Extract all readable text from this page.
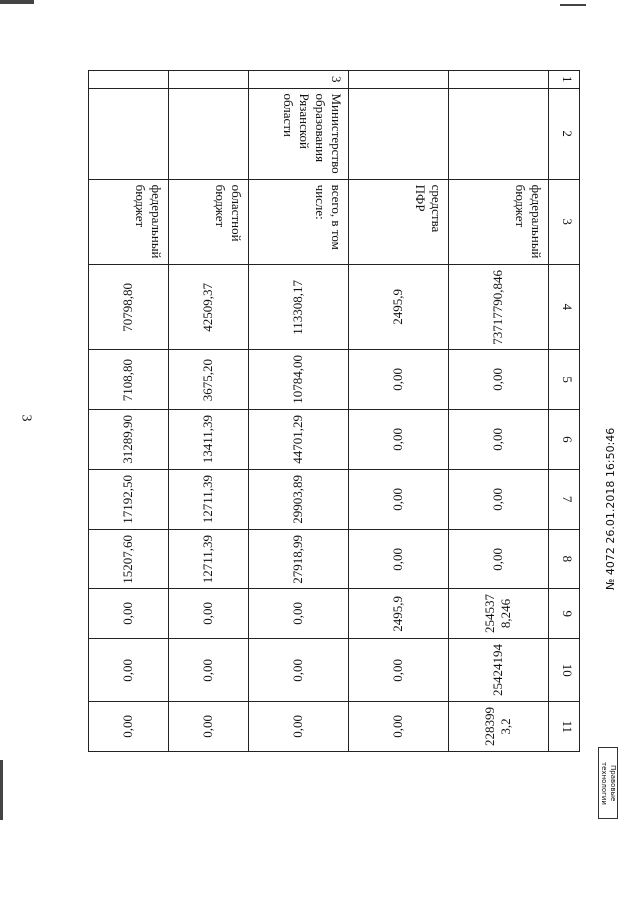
3
1	2	3	4	5	6	7	8	9	10	11
		федеральный бюджет	73717790,846	0,00	0,00	0,00	0,00	254537 8,246	25424194	228399 3,2
		средства ПФР	2495,9	0,00	0,00	0,00	0,00	2495,9	0,00	0,00
3	Министерство образования Рязанской области	всего, в том числе:	113308,17	10784,00	44701,29	29903,89	27918,99	0,00	0,00	0,00
		областной бюджет	42509,37	3675,20	13411,39	12711,39	12711,39	0,00	0,00	0,00
		федеральный бюджет	70798,80	7108,80	31289,90	17192,50	15207,60	0,00	0,00	0,00
№ 4072 26.01.2018 16:50:46
Правовые технологии
